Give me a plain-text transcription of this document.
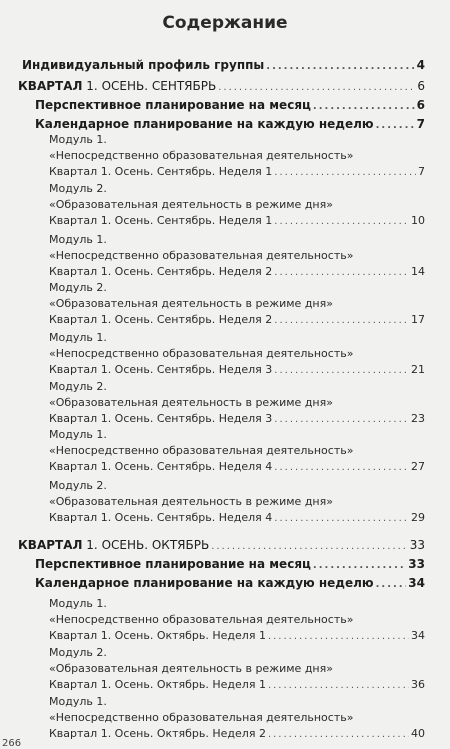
Содержание
Индивидуальный профиль группы .....	4
КВАРТАЛ 1. ОСЕНЬ. СЕНТЯБРЬ .....	6
Перспективное планирование на месяц .....	6
Календарное планирование на каждую неделю .....	7
Модуль 1.
«Непосредственно образовательная деятельность»
Квартал 1. Осень. Сентябрь. Неделя 1 .....	7
Модуль 2.
«Образовательная деятельность в режиме дня»
Квартал 1. Осень. Сентябрь. Неделя 1 .....	10
Модуль 1.
«Непосредственно образовательная деятельность»
Квартал 1. Осень. Сентябрь. Неделя 2 .....	14
Модуль 2.
«Образовательная деятельность в режиме дня»
Квартал 1. Осень. Сентябрь. Неделя 2 .....	17
Модуль 1.
«Непосредственно образовательная деятельность»
Квартал 1. Осень. Сентябрь. Неделя 3 .....	21
Модуль 2.
«Образовательная деятельность в режиме дня»
Квартал 1. Осень. Сентябрь. Неделя 3 .....	23
Модуль 1.
«Непосредственно образовательная деятельность»
Квартал 1. Осень. Сентябрь. Неделя 4 .....	27
Модуль 2.
«Образовательная деятельность в режиме дня»
Квартал 1. Осень. Сентябрь. Неделя 4 .....	29
КВАРТАЛ 1. ОСЕНЬ. ОКТЯБРЬ .....	33
Перспективное планирование на месяц .....	33
Календарное планирование на каждую неделю .....	34
Модуль 1.
«Непосредственно образовательная деятельность»
Квартал 1. Осень. Октябрь. Неделя 1 .....	34
Модуль 2.
«Образовательная деятельность в режиме дня»
Квартал 1. Осень. Октябрь. Неделя 1 .....	36
Модуль 1.
«Непосредственно образовательная деятельность»
Квартал 1. Осень. Октябрь. Неделя 2 .....	40
266
